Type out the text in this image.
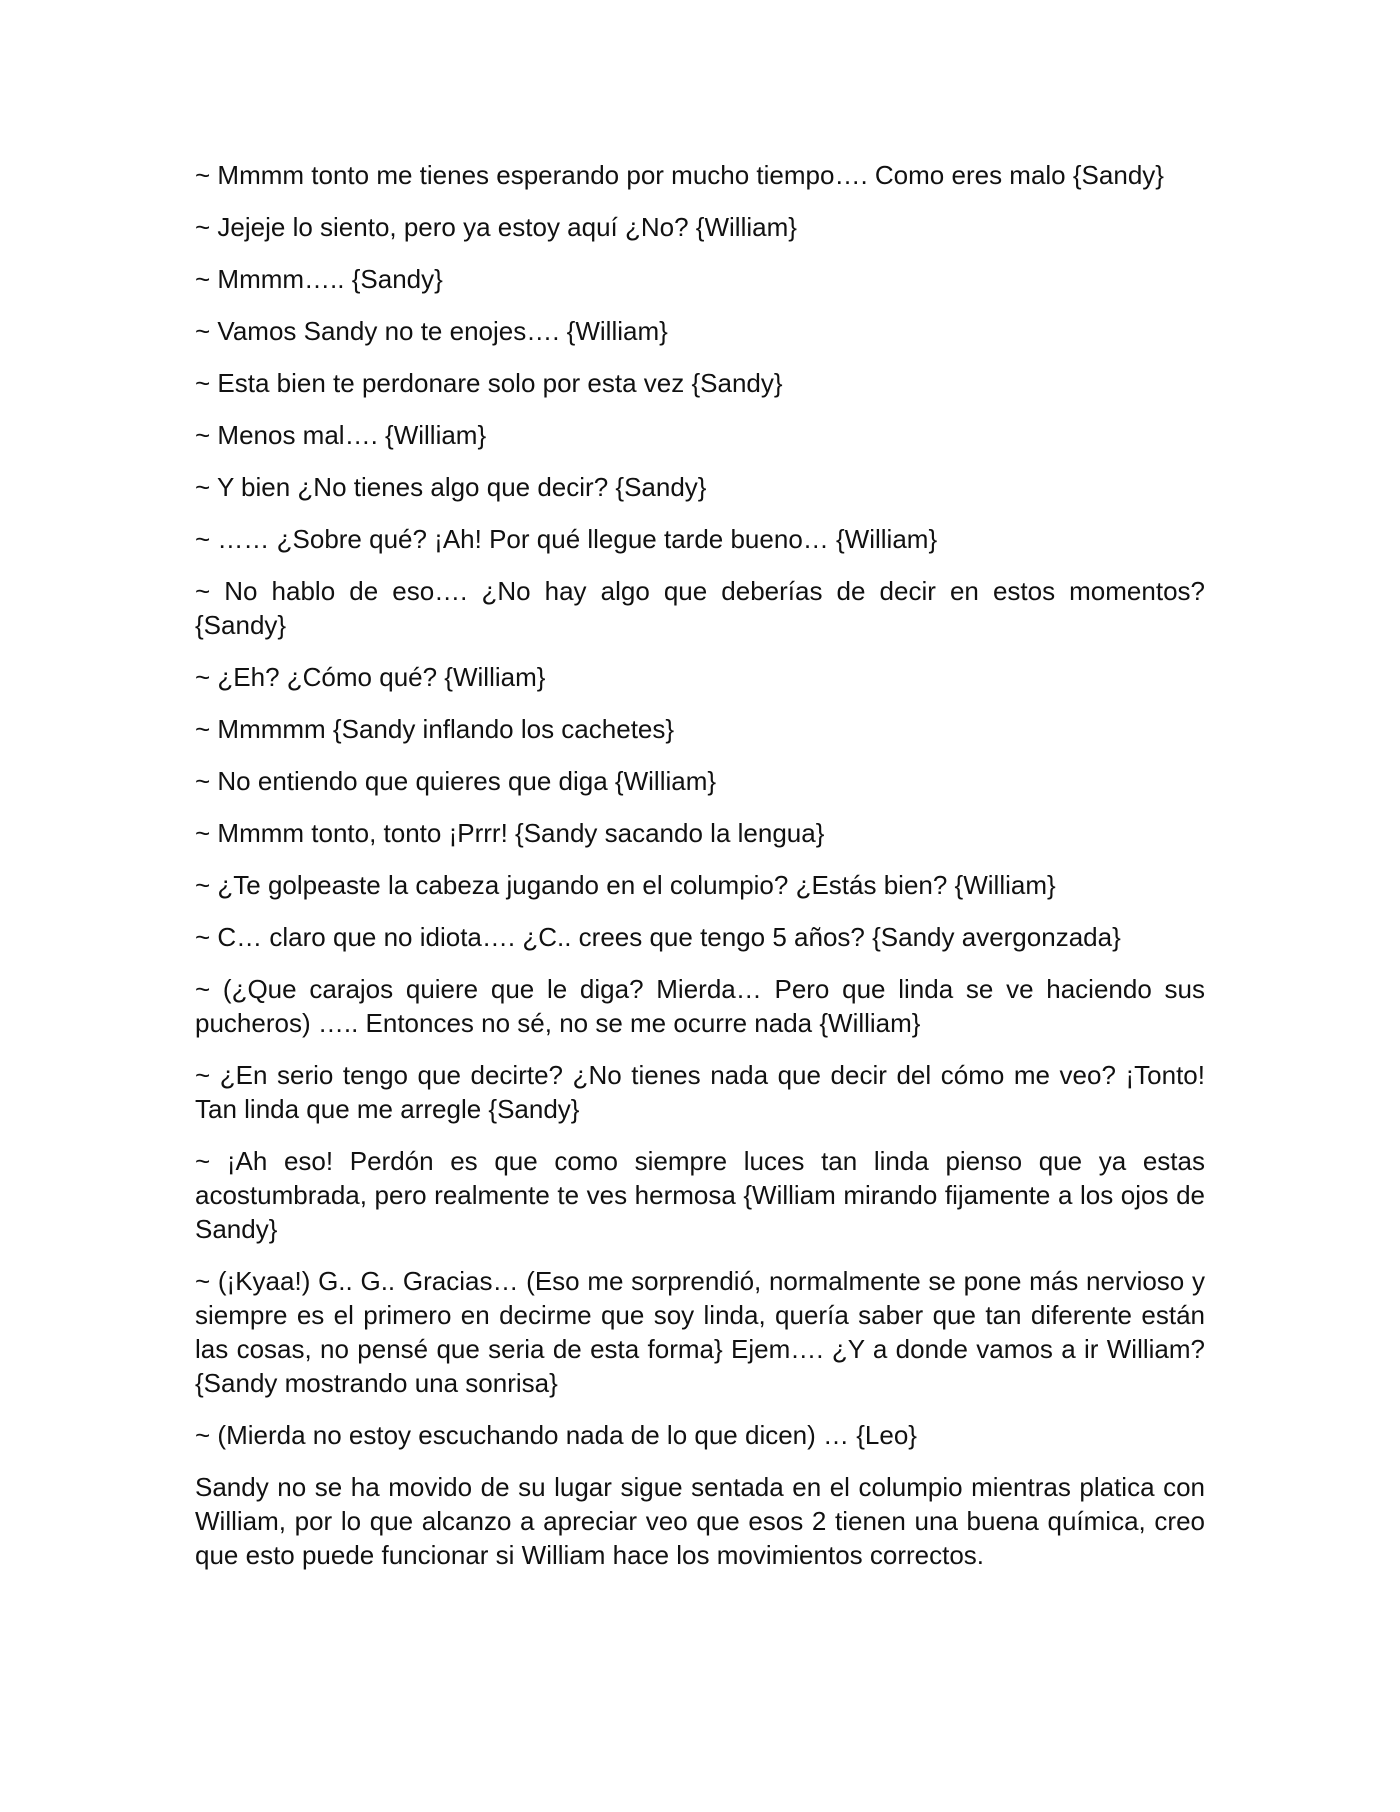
~ Mmmm tonto me tienes esperando por mucho tiempo…. Como eres malo {Sandy}

~ Jejeje lo siento, pero ya estoy aquí ¿No? {William}

~ Mmmm….. {Sandy}

~ Vamos Sandy no te enojes…. {William}

~ Esta bien te perdonare solo por esta vez {Sandy}

~ Menos mal…. {William}

~ Y bien ¿No tienes algo que decir? {Sandy}

~ …… ¿Sobre qué? ¡Ah! Por qué llegue tarde bueno… {William}

~ No hablo de eso…. ¿No hay algo que deberías de decir en estos momentos? {Sandy}

~ ¿Eh? ¿Cómo qué? {William}

~ Mmmmm {Sandy inflando los cachetes}

~ No entiendo que quieres que diga {William}

~ Mmmm tonto, tonto ¡Prrr! {Sandy sacando la lengua}

~ ¿Te golpeaste la cabeza jugando en el columpio? ¿Estás bien? {William}

~ C… claro que no idiota…. ¿C.. crees que tengo 5 años? {Sandy avergonzada}

~ (¿Que carajos quiere que le diga? Mierda… Pero que linda se ve haciendo sus pucheros) ….. Entonces no sé, no se me ocurre nada {William}

~ ¿En serio tengo que decirte? ¿No tienes nada que decir del cómo me veo? ¡Tonto! Tan linda que me arregle {Sandy}

~ ¡Ah eso! Perdón es que como siempre luces tan linda pienso que ya estas acostumbrada, pero realmente te ves hermosa {William mirando fijamente a los ojos de Sandy}

~ (¡Kyaa!) G.. G.. Gracias… (Eso me sorprendió, normalmente se pone más nervioso y siempre es el primero en decirme que soy linda, quería saber que tan diferente están las cosas, no pensé que seria de esta forma} Ejem…. ¿Y a donde vamos a ir William? {Sandy mostrando una sonrisa}

~ (Mierda no estoy escuchando nada de lo que dicen) … {Leo}

Sandy no se ha movido de su lugar sigue sentada en el columpio mientras platica con William, por lo que alcanzo a apreciar veo que esos 2 tienen una buena química, creo que esto puede funcionar si William hace los movimientos correctos.
